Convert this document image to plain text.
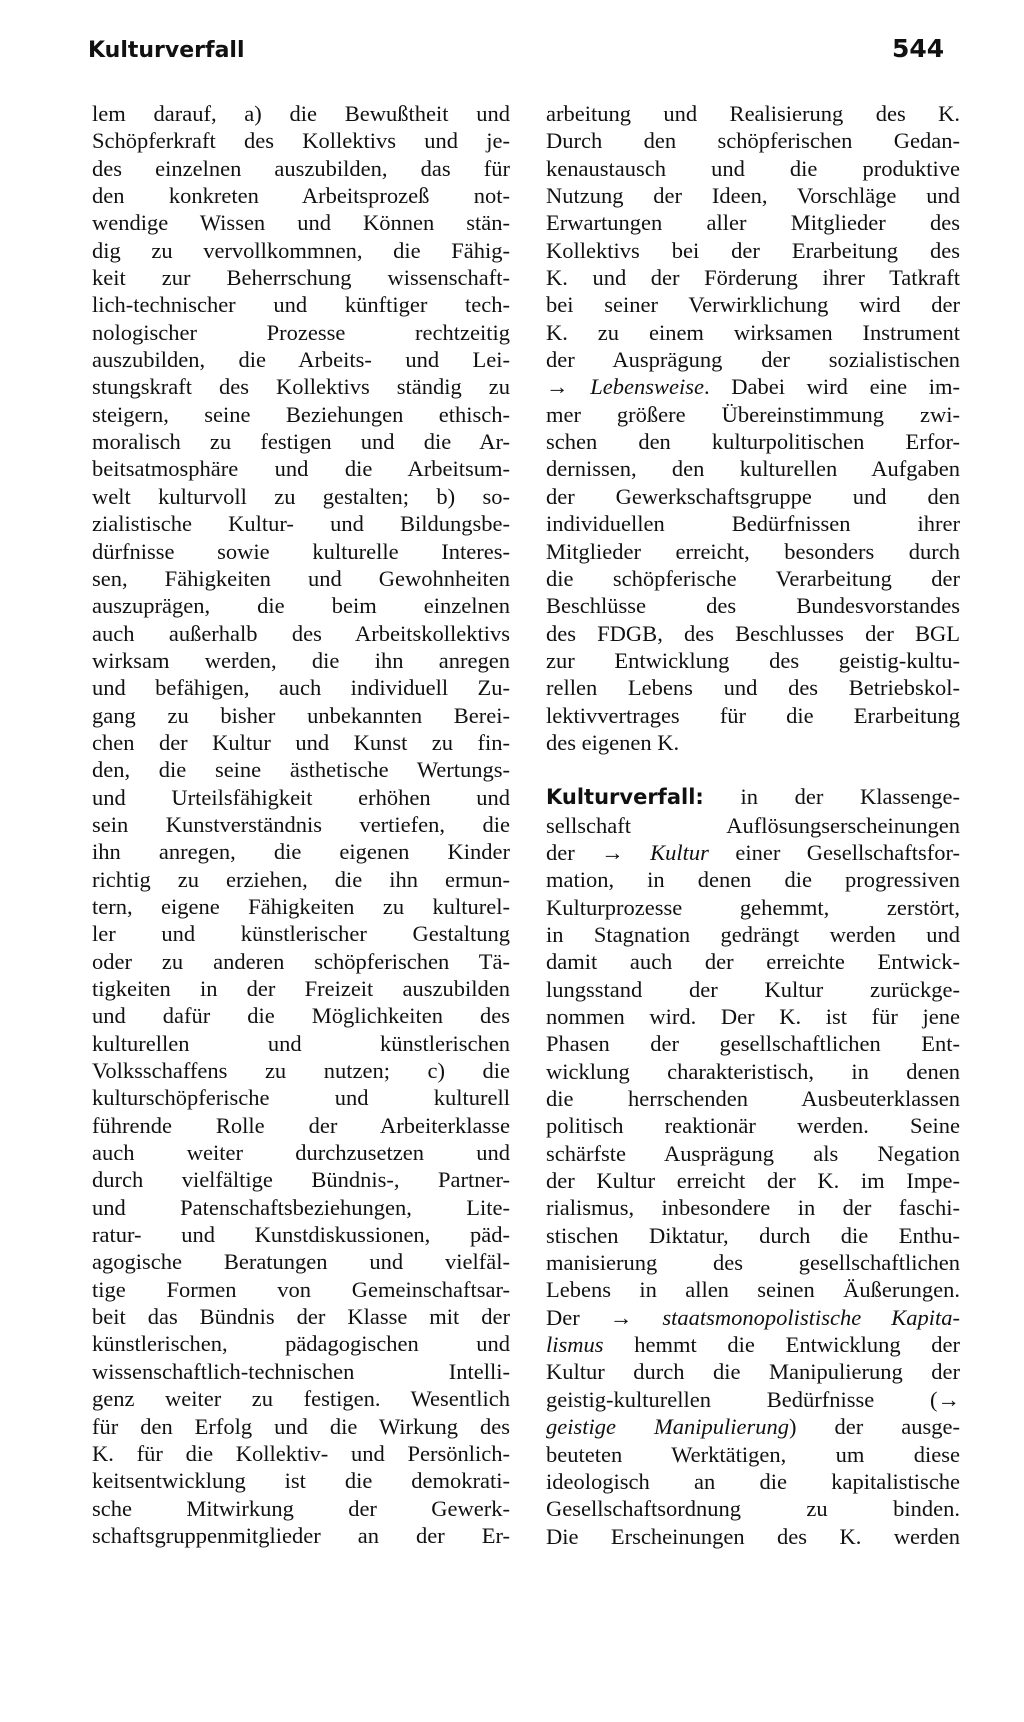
Kulturverfall	544
lem darauf, a) die Bewußtheit und
Schöpferkraft des Kollektivs und je-
des einzelnen auszubilden, das für
den konkreten Arbeitsprozeß not-
wendige Wissen und Können stän-
dig zu vervollkommnen, die Fähig-
keit zur Beherrschung wissenschaft-
lich-technischer und künftiger tech-
nologischer Prozesse rechtzeitig
auszubilden, die Arbeits- und Lei-
stungskraft des Kollektivs ständig zu
steigern, seine Beziehungen ethisch-
moralisch zu festigen und die Ar-
beitsatmosphäre und die Arbeitsum-
welt kulturvoll zu gestalten; b) so-
zialistische Kultur- und Bildungsbe-
dürfnisse sowie kulturelle Interes-
sen, Fähigkeiten und Gewohnheiten
auszuprägen, die beim einzelnen
auch außerhalb des Arbeitskollektivs
wirksam werden, die ihn anregen
und befähigen, auch individuell Zu-
gang zu bisher unbekannten Berei-
chen der Kultur und Kunst zu fin-
den, die seine ästhetische Wertungs-
und Urteilsfähigkeit erhöhen und
sein Kunstverständnis vertiefen, die
ihn anregen, die eigenen Kinder
richtig zu erziehen, die ihn ermun-
tern, eigene Fähigkeiten zu kulturel-
ler und künstlerischer Gestaltung
oder zu anderen schöpferischen Tä-
tigkeiten in der Freizeit auszubilden
und dafür die Möglichkeiten des
kulturellen und künstlerischen
Volksschaffens zu nutzen; c) die
kulturschöpferische und kulturell
führende Rolle der Arbeiterklasse
auch weiter durchzusetzen und
durch vielfältige Bündnis-, Partner-
und Patenschaftsbeziehungen, Lite-
ratur- und Kunstdiskussionen, päd-
agogische Beratungen und vielfäl-
tige Formen von Gemeinschaftsar-
beit das Bündnis der Klasse mit der
künstlerischen, pädagogischen und
wissenschaftlich-technischen Intelli-
genz weiter zu festigen. Wesentlich
für den Erfolg und die Wirkung des
K. für die Kollektiv- und Persönlich-
keitsentwicklung ist die demokrati-
sche Mitwirkung der Gewerk-
schaftsgruppenmitglieder an der Er-
arbeitung und Realisierung des K.
Durch den schöpferischen Gedan-
kenaustausch und die produktive
Nutzung der Ideen, Vorschläge und
Erwartungen aller Mitglieder des
Kollektivs bei der Erarbeitung des
K. und der Förderung ihrer Tatkraft
bei seiner Verwirklichung wird der
K. zu einem wirksamen Instrument
der Ausprägung der sozialistischen
→ Lebensweise. Dabei wird eine im-
mer größere Übereinstimmung zwi-
schen den kulturpolitischen Erfor-
dernissen, den kulturellen Aufgaben
der Gewerkschaftsgruppe und den
individuellen Bedürfnissen ihrer
Mitglieder erreicht, besonders durch
die schöpferische Verarbeitung der
Beschlüsse des Bundesvorstandes
des FDGB, des Beschlusses der BGL
zur Entwicklung des geistig-kultu-
rellen Lebens und des Betriebskol-
lektivvertrages für die Erarbeitung
des eigenen K.
Kulturverfall: in der Klassenge-
sellschaft Auflösungserscheinungen
der → Kultur einer Gesellschaftsfor-
mation, in denen die progressiven
Kulturprozesse gehemmt, zerstört,
in Stagnation gedrängt werden und
damit auch der erreichte Entwick-
lungsstand der Kultur zurückge-
nommen wird. Der K. ist für jene
Phasen der gesellschaftlichen Ent-
wicklung charakteristisch, in denen
die herrschenden Ausbeuterklassen
politisch reaktionär werden. Seine
schärfste Ausprägung als Negation
der Kultur erreicht der K. im Impe-
rialismus, inbesondere in der faschi-
stischen Diktatur, durch die Enthu-
manisierung des gesellschaftlichen
Lebens in allen seinen Äußerungen.
Der → staatsmonopolistische Kapita-
lismus hemmt die Entwicklung der
Kultur durch die Manipulierung der
geistig-kulturellen Bedürfnisse (→
geistige Manipulierung) der ausge-
beuteten Werktätigen, um diese
ideologisch an die kapitalistische
Gesellschaftsordnung zu binden.
Die Erscheinungen des K. werden
